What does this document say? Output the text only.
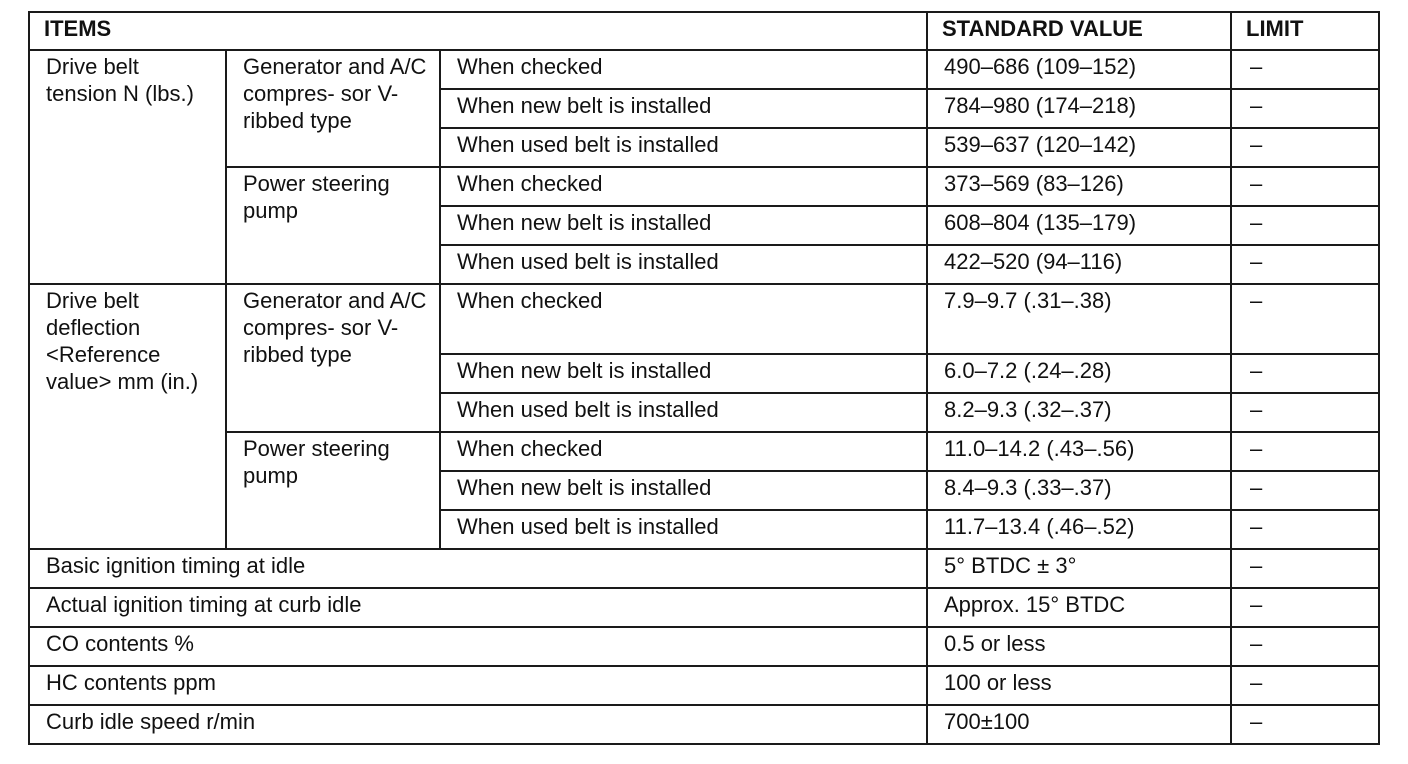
ITEMS			STANDARD VALUE	LIMIT
Drive belt tension N (lbs.)	Generator and A/C compres- sor V-ribbed type	When checked	490–686 (109–152)	–
		When new belt is installed	784–980 (174–218)	–
		When used belt is installed	539–637 (120–142)	–
	Power steering pump	When checked	373–569 (83–126)	–
		When new belt is installed	608–804 (135–179)	–
		When used belt is installed	422–520 (94–116)	–
Drive belt deflection <Reference value> mm (in.)	Generator and A/C compres- sor V-ribbed type	When checked	7.9–9.7 (.31–.38)	–
		When new belt is installed	6.0–7.2 (.24–.28)	–
		When used belt is installed	8.2–9.3 (.32–.37)	–
	Power steering pump	When checked	11.0–14.2 (.43–.56)	–
		When new belt is installed	8.4–9.3 (.33–.37)	–
		When used belt is installed	11.7–13.4 (.46–.52)	–
Basic ignition timing at idle			5° BTDC ± 3°	–
Actual ignition timing at curb idle			Approx. 15° BTDC	–
CO contents %			0.5 or less	–
HC contents ppm			100 or less	–
Curb idle speed r/min			700±100	–
